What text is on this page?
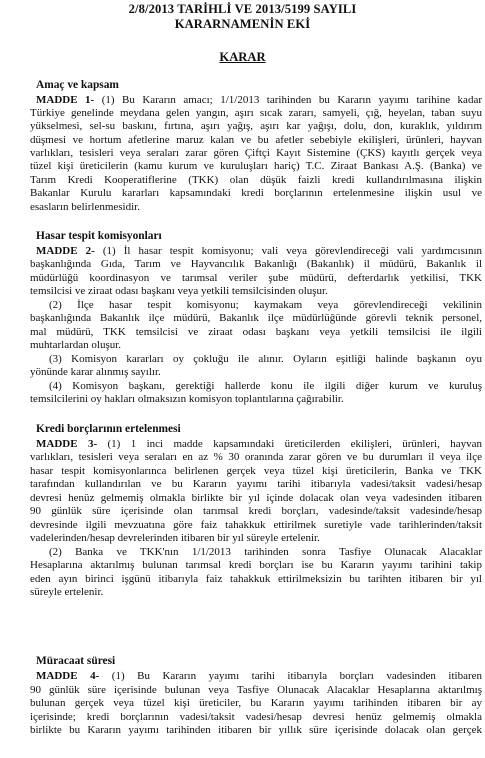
2/8/2013 TARİHLİ VE 2013/5199 SAYILI
KARARNAMENİN EKİ
KARAR
Amaç ve kapsam
MADDE 1- (1) Bu Kararın amacı; 1/1/2013 tarihinden bu Kararın yayımı tarihine kadar
Türkiye genelinde meydana gelen yangın, aşırı sıcak zararı, samyeli, çığ, heyelan, taban suyu
yükselmesi, sel-su baskını, fırtına, aşırı yağış, aşırı kar yağışı, dolu, don, kuraklık, yıldırım
düşmesi ve hortum afetlerine maruz kalan ve bu afetler sebebiyle ekilişleri, ürünleri, hayvan
varlıkları, tesisleri veya seraları zarar gören Çiftçi Kayıt Sistemine (ÇKS) kayıtlı gerçek veya
tüzel kişi üreticilerin (kamu kurum ve kuruluşları hariç) T.C. Ziraat Bankası A.Ş. (Banka) ve
Tarım Kredi Kooperatiflerine (TKK) olan düşük faizli kredi kullandırılmasına ilişkin
Bakanlar Kurulu kararları kapsamındaki kredi borçlarının ertelenmesine ilişkin usul ve
esasların belirlenmesidir.
Hasar tespit komisyonları
MADDE 2- (1) İl hasar tespit komisyonu; vali veya görevlendireceği vali yardımcısının
başkanlığında Gıda, Tarım ve Hayvancılık Bakanlığı (Bakanlık) il müdürü, Bakanlık il
müdürlüğü koordinasyon ve tarımsal veriler şube müdürü, defterdarlık yetkilisi, TKK
temsilcisi ve ziraat odası başkanı veya yetkili temsilcisinden oluşur.
(2) İlçe hasar tespit komisyonu; kaymakam veya görevlendireceği vekilinin
başkanlığında Bakanlık ilçe müdürü, Bakanlık ilçe müdürlüğünde görevli teknik personel,
mal müdürü, TKK temsilcisi ve ziraat odası başkanı veya yetkili temsilcisi ile ilgili
muhtarlardan oluşur.
(3) Komisyon kararları oy çokluğu ile alınır. Oyların eşitliği halinde başkanın oyu
yönünde karar alınmış sayılır.
(4) Komisyon başkanı, gerektiği hallerde konu ile ilgili diğer kurum ve kuruluş
temsilcilerini oy hakları olmaksızın komisyon toplantılarına çağırabilir.
Kredi borçlarının ertelenmesi
MADDE 3- (1) 1 inci madde kapsamındaki üreticilerden ekilişleri, ürünleri, hayvan
varlıkları, tesisleri veya seraları en az % 30 oranında zarar gören ve bu durumları il veya ilçe
hasar tespit komisyonlarınca belirlenen gerçek veya tüzel kişi üreticilerin, Banka ve TKK
tarafından kullandırılan ve bu Kararın yayımı tarihi itibarıyla vadesi/taksit vadesi/hesap
devresi henüz gelmemiş olmakla birlikte bir yıl içinde dolacak olan veya vadesinden itibaren
90 günlük süre içerisinde olan tarımsal kredi borçları, vadesinde/taksit vadesinde/hesap
devresinde ilgili mevzuatına göre faiz tahakkuk ettirilmek suretiyle vade tarihlerinden/taksit
vadelerinden/hesap devrelerinden itibaren bir yıl süreyle ertelenir.
(2) Banka ve TKK'nın 1/1/2013 tarihinden sonra Tasfiye Olunacak Alacaklar
Hesaplarına aktarılmış bulunan tarımsal kredi borçları ise bu Kararın yayımı tarihini takip
eden ayın birinci işgünü itibarıyla faiz tahakkuk ettirilmeksizin bu tarihten itibaren bir yıl
süreyle ertelenir.
Müracaat süresi
MADDE 4- (1) Bu Kararın yayımı tarihi itibarıyla borçları vadesinden itibaren
90 günlük süre içerisinde bulunan veya Tasfiye Olunacak Alacaklar Hesaplarına aktarılmış
bulunan gerçek veya tüzel kişi üreticiler, bu Kararın yayımı tarihinden itibaren bir ay
içerisinde; kredi borçlarının vadesi/taksit vadesi/hesap devresi henüz gelmemiş olmakla
birlikte bu Kararın yayımı tarihinden itibaren bir yıllık süre içerisinde dolacak olan gerçek
